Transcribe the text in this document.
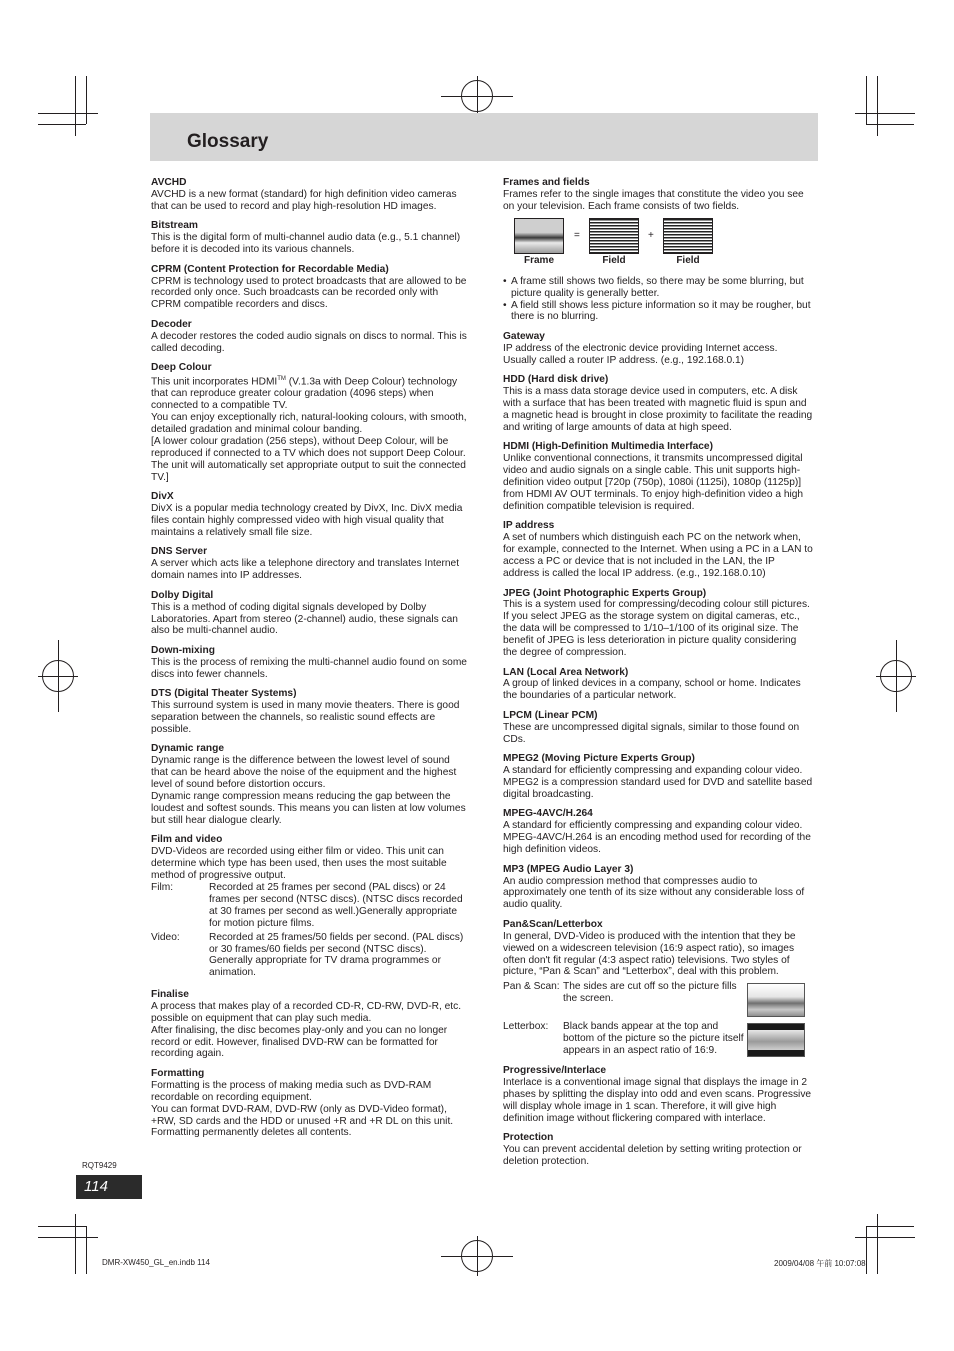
Glossary

AVCHD

AVCHD is a new format (standard) for high definition video cameras that can be used to record and play high-resolution HD images.

Bitstream

This is the digital form of multi-channel audio data (e.g., 5.1 channel) before it is decoded into its various channels.

CPRM (Content Protection for Recordable Media)

CPRM is technology used to protect broadcasts that are allowed to be recorded only once. Such broadcasts can be recorded only with CPRM compatible recorders and discs.

Decoder

A decoder restores the coded audio signals on discs to normal. This is called decoding.

Deep Colour

This unit incorporates HDMI™ (V.1.3a with Deep Colour) technology that can reproduce greater colour gradation (4096 steps) when connected to a compatible TV.

You can enjoy exceptionally rich, natural-looking colours, with smooth, detailed gradation and minimal colour banding.

[A lower colour gradation (256 steps), without Deep Colour, will be reproduced if connected to a TV which does not support Deep Colour. The unit will automatically set appropriate output to suit the connected TV.]

DivX

DivX is a popular media technology created by DivX, Inc. DivX media files contain highly compressed video with high visual quality that maintains a relatively small file size.

DNS Server

A server which acts like a telephone directory and translates Internet domain names into IP addresses.

Dolby Digital

This is a method of coding digital signals developed by Dolby Laboratories. Apart from stereo (2-channel) audio, these signals can also be multi-channel audio.

Down-mixing

This is the process of remixing the multi-channel audio found on some discs into fewer channels.

DTS (Digital Theater Systems)

This surround system is used in many movie theaters. There is good separation between the channels, so realistic sound effects are possible.

Dynamic range

Dynamic range is the difference between the lowest level of sound that can be heard above the noise of the equipment and the highest level of sound before distortion occurs.

Dynamic range compression means reducing the gap between the loudest and softest sounds. This means you can listen at low volumes but still hear dialogue clearly.

Film and video

DVD-Videos are recorded using either film or video. This unit can determine which type has been used, then uses the most suitable method of progressive output.

Film:	Recorded at 25 frames per second (PAL discs) or 24 frames per second (NTSC discs). (NTSC discs recorded at 30 frames per second as well.)Generally appropriate for motion picture films.

Video:	Recorded at 25 frames/50 fields per second. (PAL discs) or 30 frames/60 fields per second (NTSC discs). Generally appropriate for TV drama programmes or animation.

Finalise

A process that makes play of a recorded CD-R, CD-RW, DVD-R, etc. possible on equipment that can play such media.

After finalising, the disc becomes play-only and you can no longer record or edit. However, finalised DVD-RW can be formatted for recording again.

Formatting

Formatting is the process of making media such as DVD-RAM recordable on recording equipment.

You can format DVD-RAM, DVD-RW (only as DVD-Video format), +RW, SD cards and the HDD or unused +R and +R DL on this unit. Formatting permanently deletes all contents.

Frames and fields

Frames refer to the single images that constitute the video you see on your television. Each frame consists of two fields.

=	+
Frame	Field	Field
• A frame still shows two fields, so there may be some blurring, but picture quality is generally better.
• A field still shows less picture information so it may be rougher, but there is no blurring.

Gateway

IP address of the electronic device providing Internet access. Usually called a router IP address. (e.g., 192.168.0.1)

HDD (Hard disk drive)

This is a mass data storage device used in computers, etc. A disk with a surface that has been treated with magnetic fluid is spun and a magnetic head is brought in close proximity to facilitate the reading and writing of large amounts of data at high speed.

HDMI (High-Definition Multimedia Interface)

Unlike conventional connections, it transmits uncompressed digital video and audio signals on a single cable. This unit supports high-definition video output [720p (750p), 1080i (1125i), 1080p (1125p)] from HDMI AV OUT terminals. To enjoy high-definition video a high definition compatible television is required.

IP address

A set of numbers which distinguish each PC on the network when, for example, connected to the Internet. When using a PC in a LAN to access a PC or device that is not included in the LAN, the IP address is called the local IP address. (e.g., 192.168.0.10)

JPEG (Joint Photographic Experts Group)

This is a system used for compressing/decoding colour still pictures. If you select JPEG as the storage system on digital cameras, etc., the data will be compressed to 1/10–1/100 of its original size. The benefit of JPEG is less deterioration in picture quality considering the degree of compression.

LAN (Local Area Network)

A group of linked devices in a company, school or home. Indicates the boundaries of a particular network.

LPCM (Linear PCM)

These are uncompressed digital signals, similar to those found on CDs.

MPEG2 (Moving Picture Experts Group)

A standard for efficiently compressing and expanding colour video. MPEG2 is a compression standard used for DVD and satellite based digital broadcasting.

MPEG-4AVC/H.264

A standard for efficiently compressing and expanding colour video. MPEG-4AVC/H.264 is an encoding method used for recording of the high definition videos.

MP3 (MPEG Audio Layer 3)

An audio compression method that compresses audio to approximately one tenth of its size without any considerable loss of audio quality.

Pan&Scan/Letterbox

In general, DVD-Video is produced with the intention that they be viewed on a widescreen television (16:9 aspect ratio), so images often don't fit regular (4:3 aspect ratio) televisions. Two styles of picture, “Pan & Scan” and “Letterbox”, deal with this problem.

Pan & Scan: The sides are cut off so the picture fills the screen.
Letterbox:	Black bands appear at the top and bottom of the picture so the picture itself appears in an aspect ratio of 16:9.

Progressive/Interlace

Interlace is a conventional image signal that displays the image in 2 phases by splitting the display into odd and even scans. Progressive will display whole image in 1 scan. Therefore, it will give high definition image without flickering compared with interlace.

Protection

You can prevent accidental deletion by setting writing protection or deletion protection.

RQT9429
114
DMR-XW450_GL_en.indb 114	2009/04/08 午前 10:07:08
